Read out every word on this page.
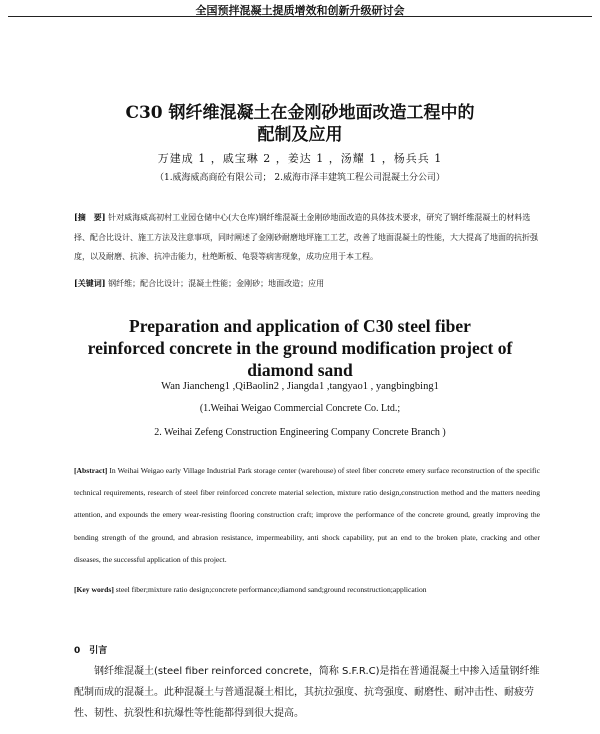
全国预拌混凝土提质增效和创新升级研讨会
C30 钢纤维混凝土在金刚砂地面改造工程中的
配制及应用
万建成 1 ，戚宝琳 2 ，姜达 1 ，汤耀 1 ，杨兵兵 1
（1.威海威高商砼有限公司； 2.威海市泽丰建筑工程公司混凝土分公司）
[摘　要] 针对威海威高初村工业园仓储中心(大仓库)钢纤维混凝土金刚砂地面改造的具体技术要求，研究了钢纤维混凝土的材料选择、配合比设计、施工方法及注意事项，同时阐述了金刚砂耐磨地坪施工工艺，改善了地面混凝土的性能，大大提高了地面的抗折强度，以及耐磨、抗渗、抗冲击能力，杜绝断板、龟裂等病害现象，成功应用于本工程。
[关键词] 钢纤维；配合比设计；混凝土性能；金刚砂；地面改造；应用
Preparation and application of C30 steel fiber
reinforced concrete in the ground modification project of
diamond sand
Wan Jiancheng1 ,QiBaolin2 , Jiangda1 ,tangyao1 , yangbingbing1
(1.Weihai Weigao Commercial Concrete Co. Ltd.;
2. Weihai Zefeng Construction Engineering Company Concrete Branch )
[Abstract] In Weihai Weigao early Village Industrial Park storage center (warehouse) of steel fiber concrete emery surface reconstruction of the specific technical requirements, research of steel fiber reinforced concrete material selection, mixture ratio design,construction method and the matters needing attention, and expounds the emery wear-resisting flooring construction craft; improve the performance of the concrete ground, greatly improving the bending strength of the ground, and abrasion resistance, impermeability, anti shock capability, put an end to the broken plate, cracking and other diseases, the successful application of this project.
[Key words] steel fiber;mixture ratio design;concrete performance;diamond sand;ground reconstruction;application
0　引言
钢纤维混凝土(steel fiber reinforced concrete，简称 S.F.R.C)是指在普通混凝土中掺入适量钢纤维配制而成的混凝土。此种混凝土与普通混凝土相比，其抗拉强度、抗弯强度、耐磨性、耐冲击性、耐疲劳性、韧性、抗裂性和抗爆性等性能都得到很大提高。
